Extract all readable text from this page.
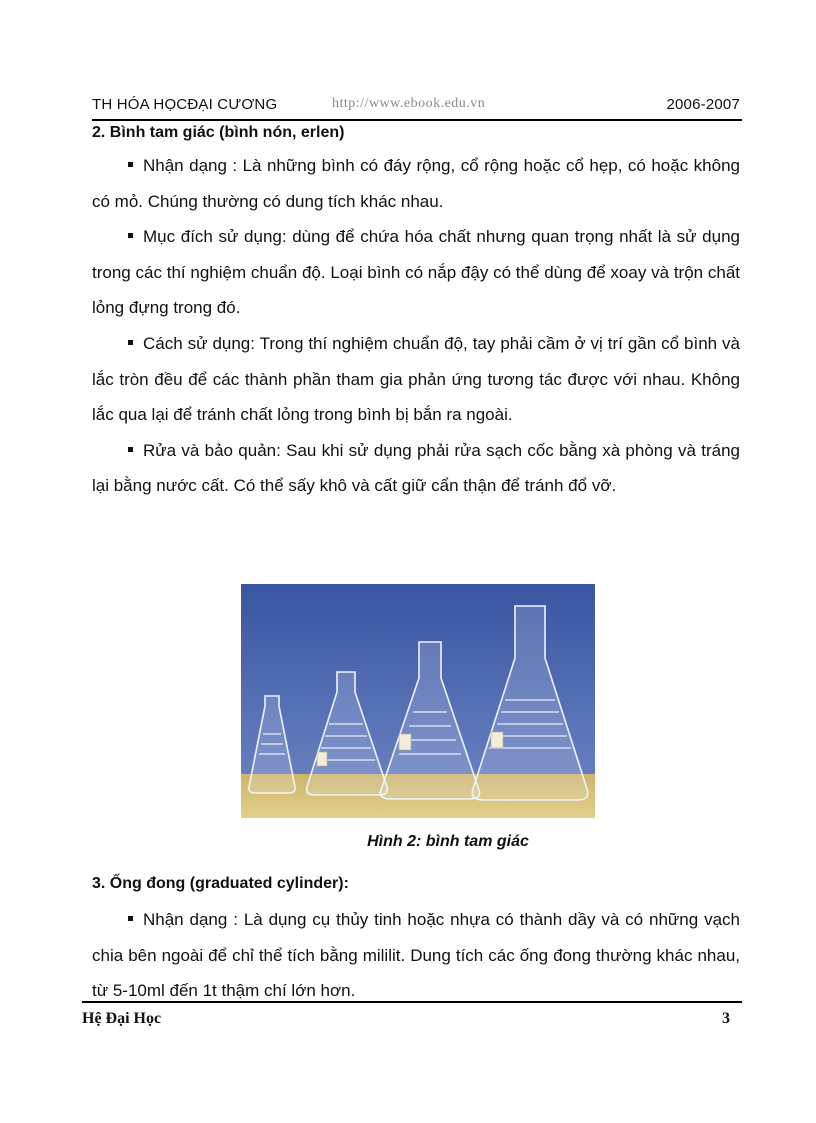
TH HÓA HỌCĐẠI CƯƠNG	http://www.ebook.edu.vn	2006-2007

2. Bình tam giác (bình nón, erlen)

Nhận dạng : Là những bình có đáy rộng, cổ rộng hoặc cổ hẹp, có hoặc không có mỏ. Chúng thường có dung tích khác nhau.

Mục đích sử dụng: dùng để chứa hóa chất nhưng quan trọng nhất là sử dụng trong các thí nghiệm chuẩn độ. Loại bình có nắp đậy có thể dùng để xoay và trộn chất lỏng đựng trong đó.

Cách sử dụng: Trong thí nghiệm chuẩn độ, tay phải cầm ở vị trí gần cổ bình và lắc tròn đều để các thành phần tham gia phản ứng tương tác được với nhau. Không lắc qua lại để tránh chất lỏng trong bình bị bắn ra ngoài.

Rửa và bảo quản: Sau khi sử dụng phải rửa sạch cốc bằng xà phòng và tráng lại bằng nước cất. Có thể sấy khô và cất giữ cẩn thận để tránh đổ vỡ.

Hình 2: bình tam giác

3. Ống đong (graduated cylinder):

Nhận dạng : Là dụng cụ thủy tinh hoặc nhựa có thành dầy và có những vạch chia bên ngoài để chỉ thể tích bằng mililit. Dung tích các ống đong thường khác nhau, từ 5-10ml đến 1t thậm chí lớn hơn.

Hệ Đại Học	3
